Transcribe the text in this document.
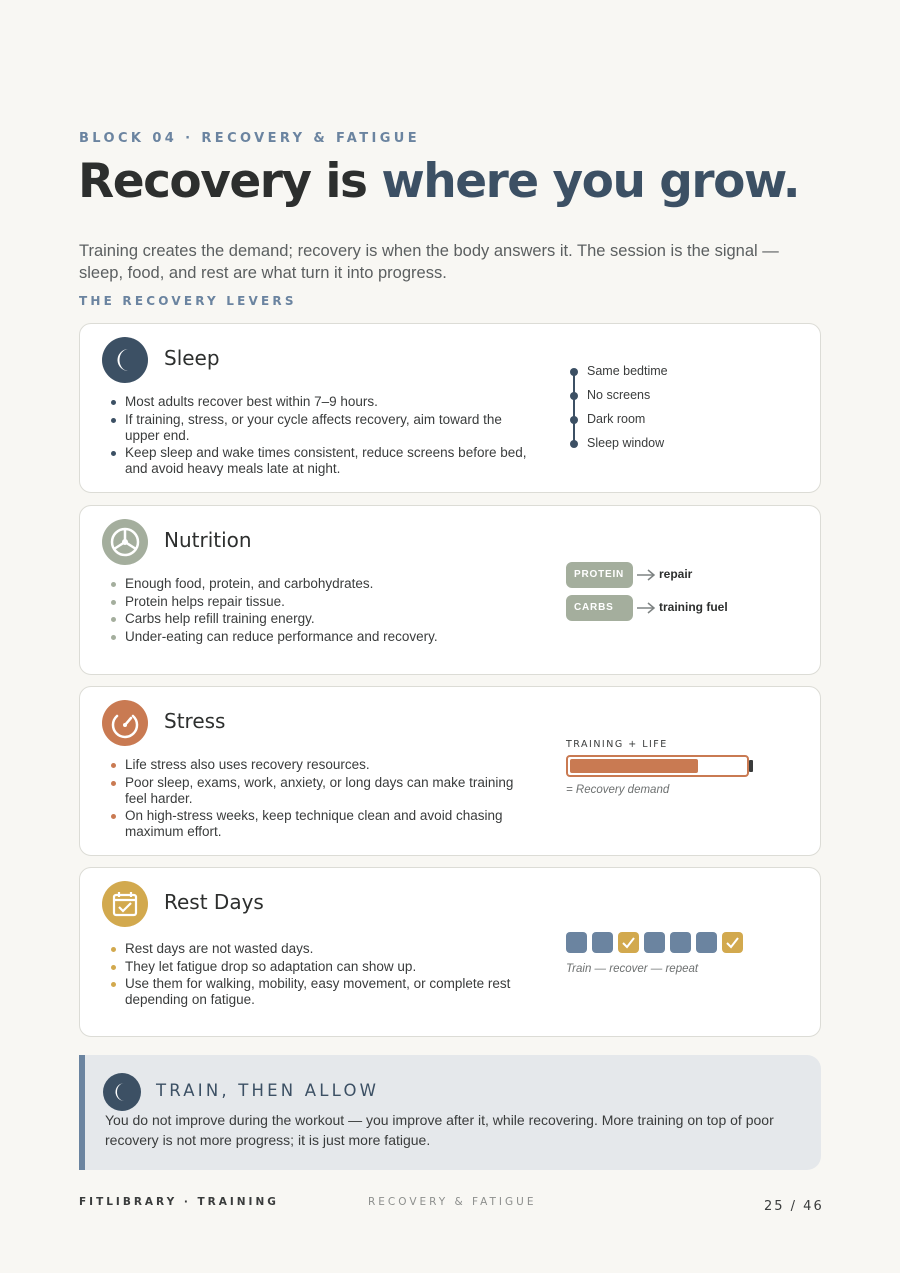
BLOCK 04 · RECOVERY & FATIGUE
Recovery is where you grow.

Training creates the demand; recovery is when the body answers it. The session is the signal — sleep, food, and rest are what turn it into progress.

THE RECOVERY LEVERS
Sleep
Most adults recover best within 7–9 hours.
If training, stress, or your cycle affects recovery, aim toward the upper end.
Keep sleep and wake times consistent, reduce screens before bed, and avoid heavy meals late at night.
Same bedtime
No screens
Dark room
Sleep window
Nutrition
Enough food, protein, and carbohydrates.
Protein helps repair tissue.
Carbs help refill training energy.
Under-eating can reduce performance and recovery.
PROTEIN	repair
CARBS	training fuel
Stress
Life stress also uses recovery resources.
Poor sleep, exams, work, anxiety, or long days can make training feel harder.
On high-stress weeks, keep technique clean and avoid chasing maximum effort.
TRAINING + LIFE
= Recovery demand
Rest Days
Rest days are not wasted days.
They let fatigue drop so adaptation can show up.
Use them for walking, mobility, easy movement, or complete rest depending on fatigue.
Train — recover — repeat
TRAIN, THEN ALLOW

You do not improve during the workout — you improve after it, while recovering. More training on top of poor recovery is not more progress; it is just more fatigue.

FITLIBRARY · TRAINING	RECOVERY & FATIGUE	25 / 46
